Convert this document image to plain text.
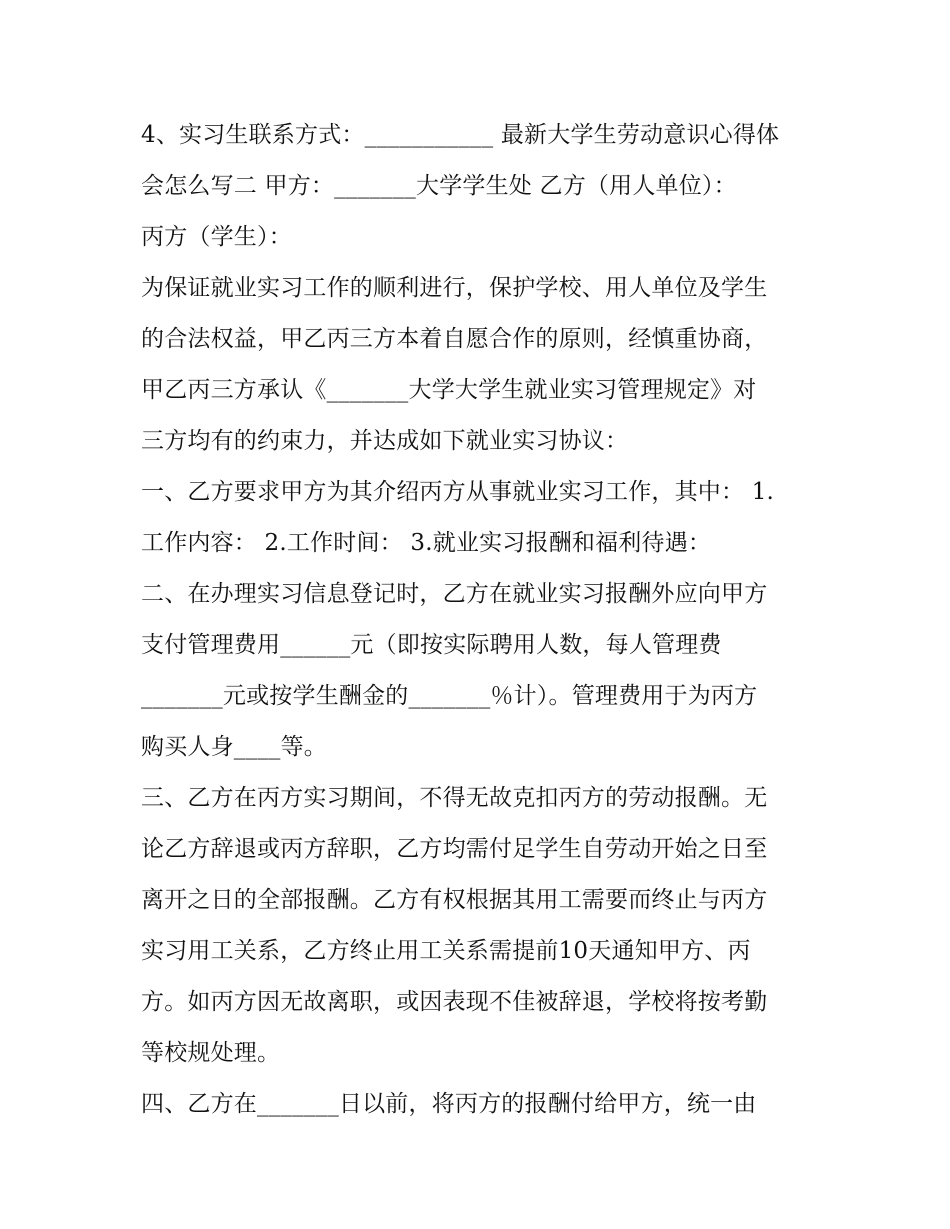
4、实习生联系方式：___________ 最新大学生劳动意识心得体
会怎么写二 甲方：_______大学学生处 乙方（用人单位）：
丙方（学生）：
为保证就业实习工作的顺利进行，保护学校、用人单位及学生
的合法权益，甲乙丙三方本着自愿合作的原则，经慎重协商，
甲乙丙三方承认《_______大学大学生就业实习管理规定》对
三方均有的约束力，并达成如下就业实习协议：
一、乙方要求甲方为其介绍丙方从事就业实习工作，其中： 1.
工作内容： 2.工作时间： 3.就业实习报酬和福利待遇：
二、在办理实习信息登记时，乙方在就业实习报酬外应向甲方
支付管理费用______元（即按实际聘用人数，每人管理费
_______元或按学生酬金的_______％计）。管理费用于为丙方
购买人身____等。
三、乙方在丙方实习期间，不得无故克扣丙方的劳动报酬。无
论乙方辞退或丙方辞职，乙方均需付足学生自劳动开始之日至
离开之日的全部报酬。乙方有权根据其用工需要而终止与丙方
实习用工关系，乙方终止用工关系需提前10天通知甲方、丙
方。如丙方因无故离职，或因表现不佳被辞退，学校将按考勤
等校规处理。
四、乙方在_______日以前，将丙方的报酬付给甲方，统一由
